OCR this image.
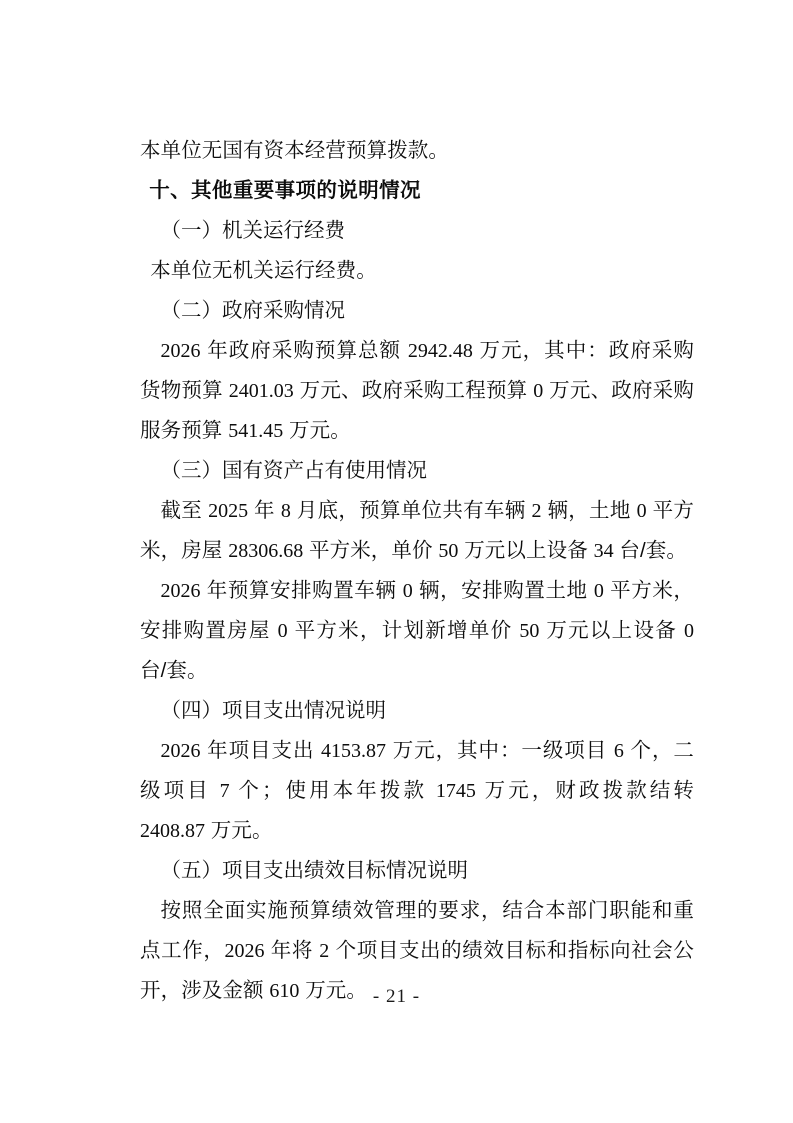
本单位无国有资本经营预算拨款。

十、其他重要事项的说明情况
（一）机关运行经费

本单位无机关运行经费。

（二）政府采购情况

2026 年政府采购预算总额 2942.48 万元，其中：政府采购货物预算 2401.03 万元、政府采购工程预算 0 万元、政府采购服务预算 541.45 万元。

（三）国有资产占有使用情况

截至 2025 年 8 月底，预算单位共有车辆 2 辆，土地 0 平方米，房屋 28306.68 平方米，单价 50 万元以上设备 34 台/套。

2026 年预算安排购置车辆 0 辆，安排购置土地 0 平方米，安排购置房屋 0 平方米，计划新增单价 50 万元以上设备 0 台/套。

（四）项目支出情况说明

2026 年项目支出 4153.87 万元，其中：一级项目 6 个，二级项目 7 个；使用本年拨款 1745 万元，财政拨款结转 2408.87 万元。

（五）项目支出绩效目标情况说明

按照全面实施预算绩效管理的要求，结合本部门职能和重点工作，2026 年将 2 个项目支出的绩效目标和指标向社会公开，涉及金额 610 万元。 - 21 -
